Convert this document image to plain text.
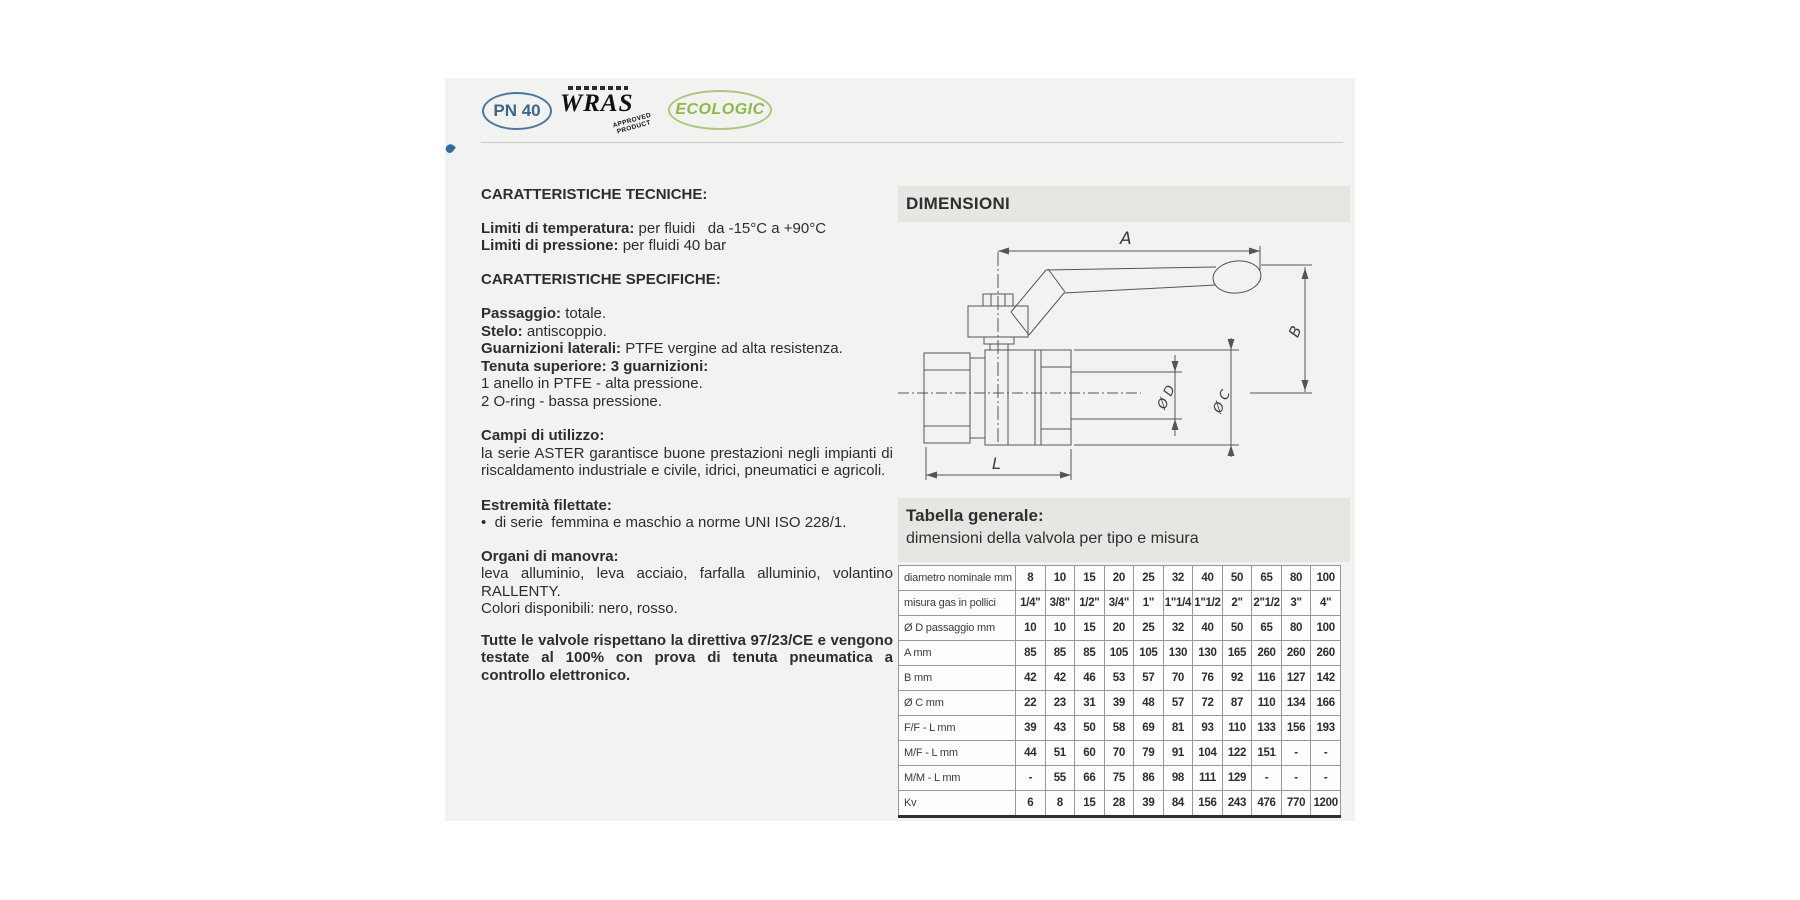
PN 40 WRAS
APPROVED PRODUCT
ECOLOGIC

CARATTERISTICHE TECNICHE:

Limiti di temperatura: per fluidi   da -15°C a +90°C
Limiti di pressione: per fluidi 40 bar

CARATTERISTICHE SPECIFICHE:

Passaggio: totale.
Stelo: antiscoppio.
Guarnizioni laterali: PTFE vergine ad alta resistenza.
Tenuta superiore: 3 guarnizioni:
1 anello in PTFE - alta pressione.
2 O-ring - bassa pressione.

Campi di utilizzo:
la serie ASTER garantisce buone prestazioni negli impianti di riscaldamento industriale e civile, idrici, pneumatici e agricoli.

Estremità filettate:
•  di serie  femmina e maschio a norme UNI ISO 228/1.

Organi di manovra:
leva alluminio, leva acciaio, farfalla alluminio, volantino RALLENTY.
Colori disponibili: nero, rosso.

Tutte le valvole rispettano la direttiva 97/23/CE e vengono testate al 100% con prova di tenuta pneumatica a controllo elettronico.

DIMENSIONI
A
B
Ø D Ø C
L
Tabella generale:
dimensioni della valvola per tipo e misura
diametro nominale mm	8	10	15	20	25	32	40	50	65	80	100
misura gas in pollici	1/4"	3/8"	1/2"	3/4"	1"	1"1/4	1"1/2	2"	2"1/2	3"	4"
Ø D passaggio mm	10	10	15	20	25	32	40	50	65	80	100
A mm	85	85	85	105	105	130	130	165	260	260	260
B mm	42	42	46	53	57	70	76	92	116	127	142
Ø C mm	22	23	31	39	48	57	72	87	110	134	166
F/F - L mm	39	43	50	58	69	81	93	110	133	156	193
M/F - L mm	44	51	60	70	79	91	104	122	151	-	-
M/M - L mm	-	55	66	75	86	98	111	129	-	-	-
Kv	6	8	15	28	39	84	156	243	476	770	1200
